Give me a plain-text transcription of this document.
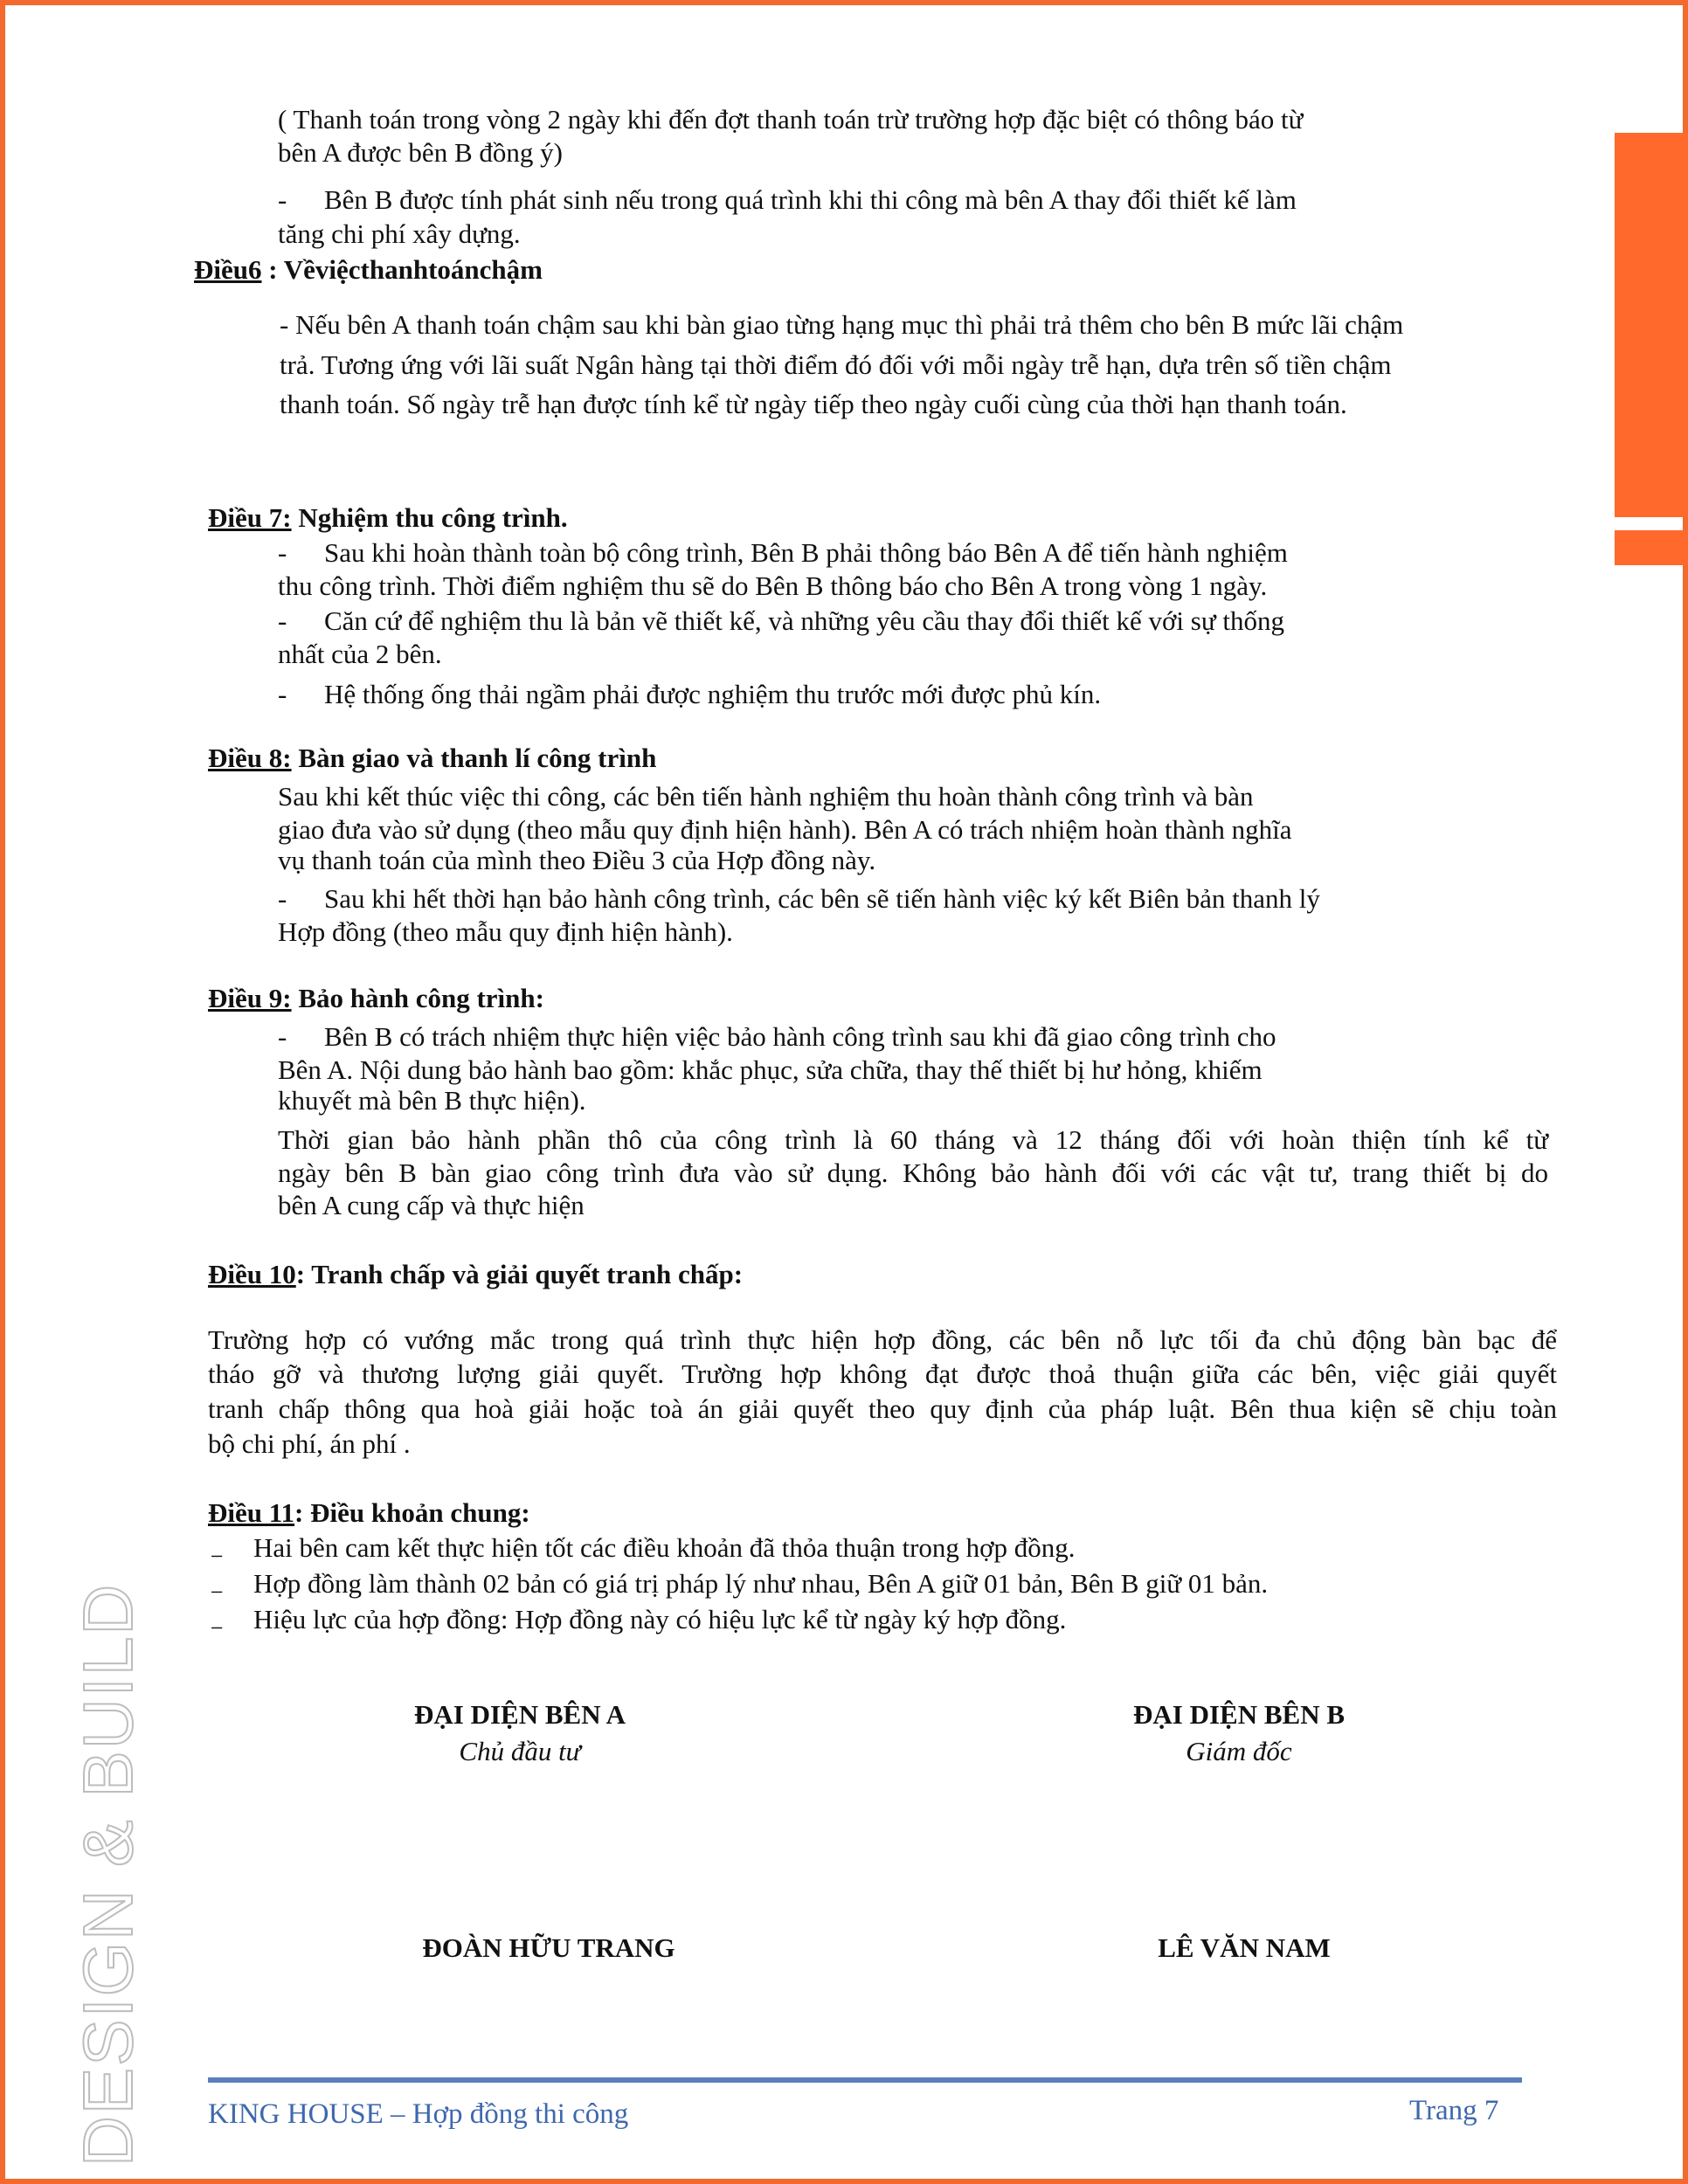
DESIGN & BUILD
( Thanh toán trong vòng 2 ngày khi đến đợt thanh toán trừ trường hợp đặc biệt có thông báo từ
bên A được bên B đồng ý)
- Bên B được tính phát sinh nếu trong quá trình khi thi công mà bên A thay đổi thiết kế làm
tăng chi phí xây dựng.
Điều6 : Vềviệcthanhtoánchậm
- Nếu bên A thanh toán chậm sau khi bàn giao từng hạng mục thì phải trả thêm cho bên B mức lãi chậm
trả. Tương ứng với lãi suất Ngân hàng tại thời điểm đó đối với mỗi ngày trễ hạn, dựa trên số tiền chậm
thanh toán. Số ngày trễ hạn được tính kể từ ngày tiếp theo ngày cuối cùng của thời hạn thanh toán.
Điều 7: Nghiệm thu công trình.
- Sau khi hoàn thành toàn bộ công trình, Bên B phải thông báo Bên A để tiến hành nghiệm
thu công trình. Thời điểm nghiệm thu sẽ do Bên B thông báo cho Bên A trong vòng 1 ngày.
- Căn cứ để nghiệm thu là bản vẽ thiết kế, và những yêu cầu thay đổi thiết kế với sự thống
nhất của 2 bên.
- Hệ thống ống thải ngầm phải được nghiệm thu trước mới được phủ kín.
Điều 8: Bàn giao và thanh lí công trình
Sau khi kết thúc việc thi công, các bên tiến hành nghiệm thu hoàn thành công trình và bàn
giao đưa vào sử dụng (theo mẫu quy định hiện hành). Bên A có trách nhiệm hoàn thành nghĩa
vụ thanh toán của mình theo Điều 3 của Hợp đồng này.
- Sau khi hết thời hạn bảo hành công trình, các bên sẽ tiến hành việc ký kết Biên bản thanh lý
Hợp đồng (theo mẫu quy định hiện hành).
Điều 9: Bảo hành công trình:
- Bên B có trách nhiệm thực hiện việc bảo hành công trình sau khi đã giao công trình cho
Bên A. Nội dung bảo hành bao gồm: khắc phục, sửa chữa, thay thế thiết bị hư hỏng, khiếm
khuyết mà bên B thực hiện).
Thời gian bảo hành phần thô của công trình là 60 tháng và 12 tháng đối với hoàn thiện tính kể từ
ngày bên B bàn giao công trình đưa vào sử dụng. Không bảo hành đối với các vật tư, trang thiết bị do
bên A cung cấp và thực hiện
Điều 10: Tranh chấp và giải quyết tranh chấp:
Trường hợp có vướng mắc trong quá trình thực hiện hợp đồng, các bên nỗ lực tối đa chủ động bàn bạc để
tháo gỡ và thương lượng giải quyết. Trường hợp không đạt được thoả thuận giữa các bên, việc giải quyết
tranh chấp thông qua hoà giải hoặc toà án giải quyết theo quy định của pháp luật. Bên thua kiện sẽ chịu toàn
bộ chi phí, án phí .
Điều 11: Điều khoản chung:
₋ Hai bên cam kết thực hiện tốt các điều khoản đã thỏa thuận trong hợp đồng.
₋ Hợp đồng làm thành 02 bản có giá trị pháp lý như nhau, Bên A giữ 01 bản, Bên B giữ 01 bản.
₋ Hiệu lực của hợp đồng: Hợp đồng này có hiệu lực kể từ ngày ký hợp đồng.
ĐẠI DIỆN BÊN A
Chủ đầu tư
ĐẠI DIỆN BÊN B
Giám đốc
ĐOÀN HỮU TRANG	LÊ VĂN NAM
KING HOUSE – Hợp đồng thi công	Trang 7
